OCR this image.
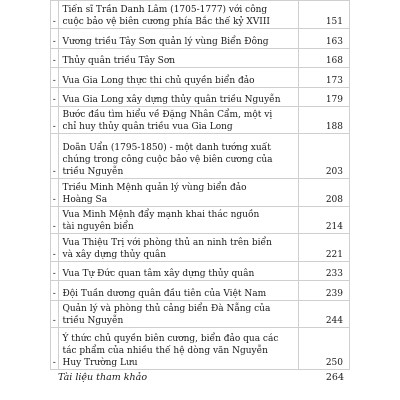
-	Tiến sĩ Trần Danh Lâm (1705-1777) với công
cuộc bảo vệ biên cương phía Bắc thế kỷ XVIII	151
-	Vương triều Tây Sơn quản lý vùng Biển Đông	163
-	Thủy quân triều Tây Sơn	168
-	Vua Gia Long thực thi chủ quyền biển đảo	173
-	Vua Gia Long xây dựng thủy quân triều Nguyễn	179
-	Bước đầu tìm hiểu về Đặng Nhân Cẩm, một vị
chỉ huy thủy quân triều vua Gia Long	188
-	Doãn Uẩn (1795-1850) - một danh tướng xuất
chúng trong công cuộc bảo vệ biên cương của
triều Nguyễn	203
-	Triều Minh Mệnh quản lý vùng biển đảo
Hoàng Sa	208
-	Vua Minh Mệnh đẩy mạnh khai thác nguồn
tài nguyên biển	214
-	Vua Thiệu Trị với phòng thủ an ninh trên biển
và xây dựng thủy quân	221
-	Vua Tự Đức quan tâm xây dựng thủy quân	233
-	Đội Tuần dương quân đầu tiên của Việt Nam	239
-	Quản lý và phòng thủ cảng biển Đà Nẵng của
triều Nguyễn	244
-	Ý thức chủ quyền biên cương, biển đảo qua các
tác phẩm của nhiều thế hệ dòng văn Nguyễn
Huy Trường Lưu	250
Tài liệu tham khảo	264
